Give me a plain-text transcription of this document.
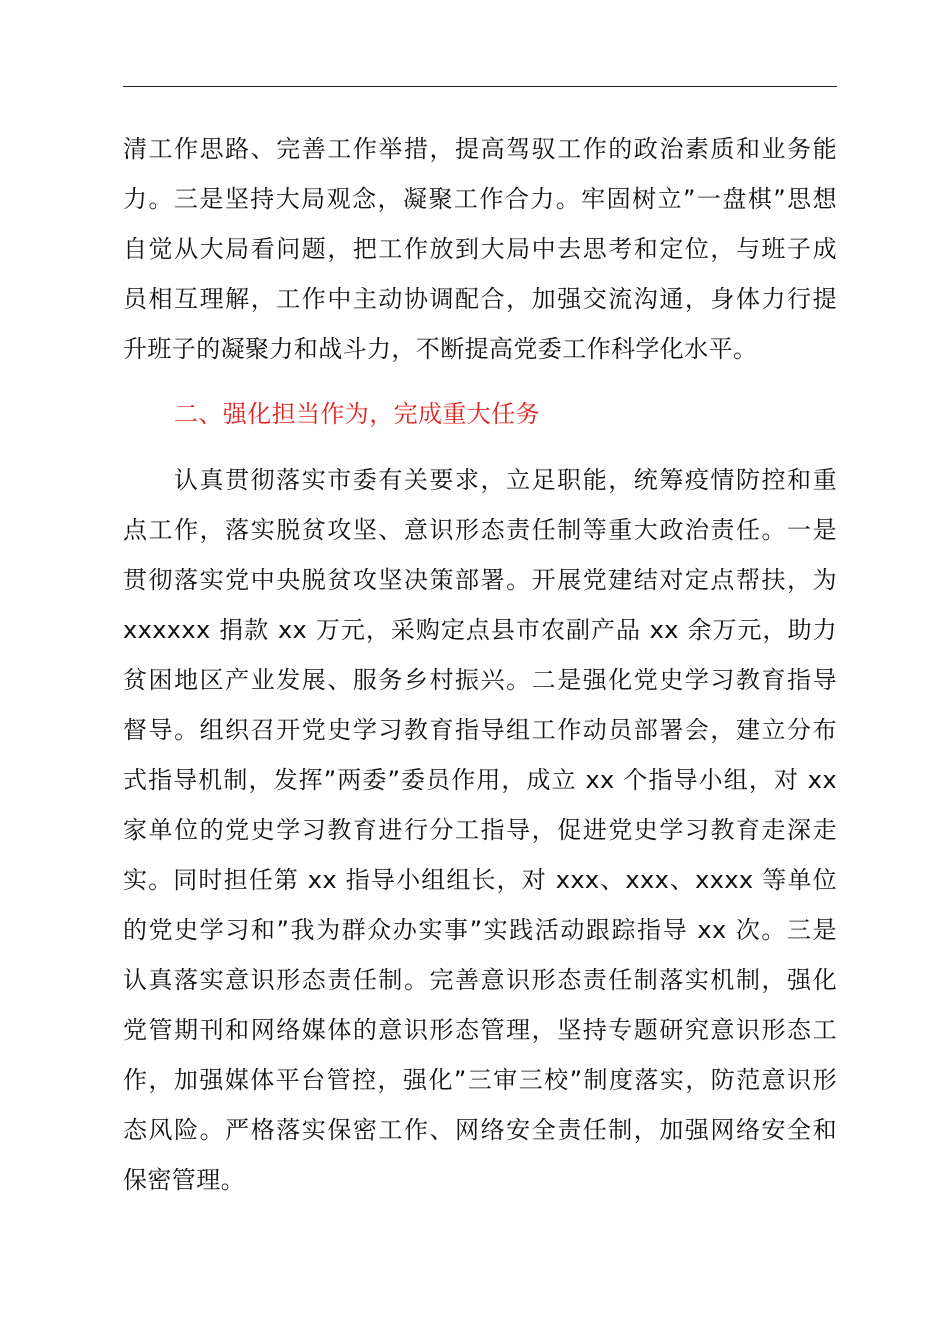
清工作思路、完善工作举措，提高驾驭工作的政治素质和业务能
力。三是坚持大局观念，凝聚工作合力。牢固树立”一盘棋”思想
自觉从大局看问题，把工作放到大局中去思考和定位，与班子成
员相互理解，工作中主动协调配合，加强交流沟通，身体力行提
升班子的凝聚力和战斗力，不断提高党委工作科学化水平。
二、强化担当作为，完成重大任务
认真贯彻落实市委有关要求，立足职能，统筹疫情防控和重
点工作，落实脱贫攻坚、意识形态责任制等重大政治责任。一是
贯彻落实党中央脱贫攻坚决策部署。开展党建结对定点帮扶，为
xxxxxx 捐款 xx 万元，采购定点县市农副产品 xx 余万元，助力
贫困地区产业发展、服务乡村振兴。二是强化党史学习教育指导
督导。组织召开党史学习教育指导组工作动员部署会，建立分布
式指导机制，发挥”两委”委员作用，成立 xx 个指导小组，对 xx
家单位的党史学习教育进行分工指导，促进党史学习教育走深走
实。同时担任第 xx 指导小组组长，对 xxx、xxx、xxxx 等单位
的党史学习和”我为群众办实事”实践活动跟踪指导 xx 次。三是
认真落实意识形态责任制。完善意识形态责任制落实机制，强化
党管期刊和网络媒体的意识形态管理，坚持专题研究意识形态工
作，加强媒体平台管控，强化”三审三校”制度落实，防范意识形
态风险。严格落实保密工作、网络安全责任制，加强网络安全和
保密管理。
